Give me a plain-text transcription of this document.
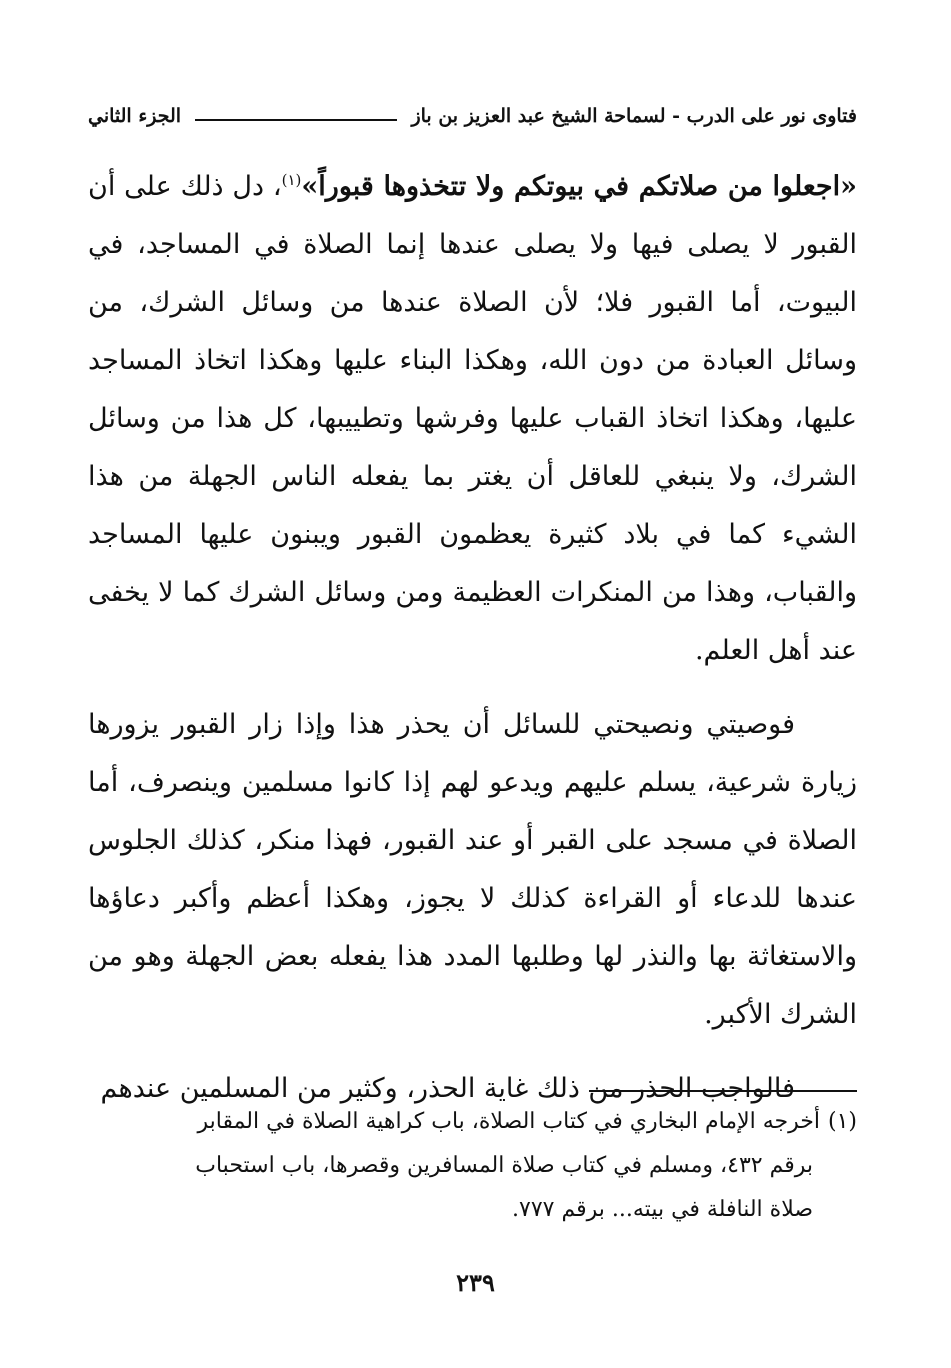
فتاوى نور على الدرب - لسماحة الشيخ عبد العزيز بن باز
الجزء الثاني

«اجعلوا من صلاتكم في بيوتكم ولا تتخذوها قبوراً»$^{(١)}$، دل ذلك على أن القبور لا يصلى فيها ولا يصلى عندها إنما الصلاة في المساجد، في البيوت، أما القبور فلا؛ لأن الصلاة عندها من وسائل الشرك، من وسائل العبادة من دون الله، وهكذا البناء عليها وهكذا اتخاذ المساجد عليها، وهكذا اتخاذ القباب عليها وفرشها وتطييبها، كل هذا من وسائل الشرك، ولا ينبغي للعاقل أن يغتر بما يفعله الناس الجهلة من هذا الشيء كما في بلاد كثيرة يعظمون القبور ويبنون عليها المساجد والقباب، وهذا من المنكرات العظيمة ومن وسائل الشرك كما لا يخفى عند أهل العلم.

فوصيتي ونصيحتي للسائل أن يحذر هذا وإذا زار القبور يزورها زيارة شرعية، يسلم عليهم ويدعو لهم إذا كانوا مسلمين وينصرف، أما الصلاة في مسجد على القبر أو عند القبور، فهذا منكر، كذلك الجلوس عندها للدعاء أو القراءة كذلك لا يجوز، وهكذا أعظم وأكبر دعاؤها والاستغاثة بها والنذر لها وطلبها المدد هذا يفعله بعض الجهلة وهو من الشرك الأكبر.

فالواجب الحذر من ذلك غاية الحذر، وكثير من المسلمين عندهم

(١)أخرجه الإمام البخاري في كتاب الصلاة، باب كراهية الصلاة في المقابر
برقم ٤٣٢، ومسلم في كتاب صلاة المسافرين وقصرها، باب استحباب
صلاة النافلة في بيته... برقم ٧٧٧.
٢٣٩
